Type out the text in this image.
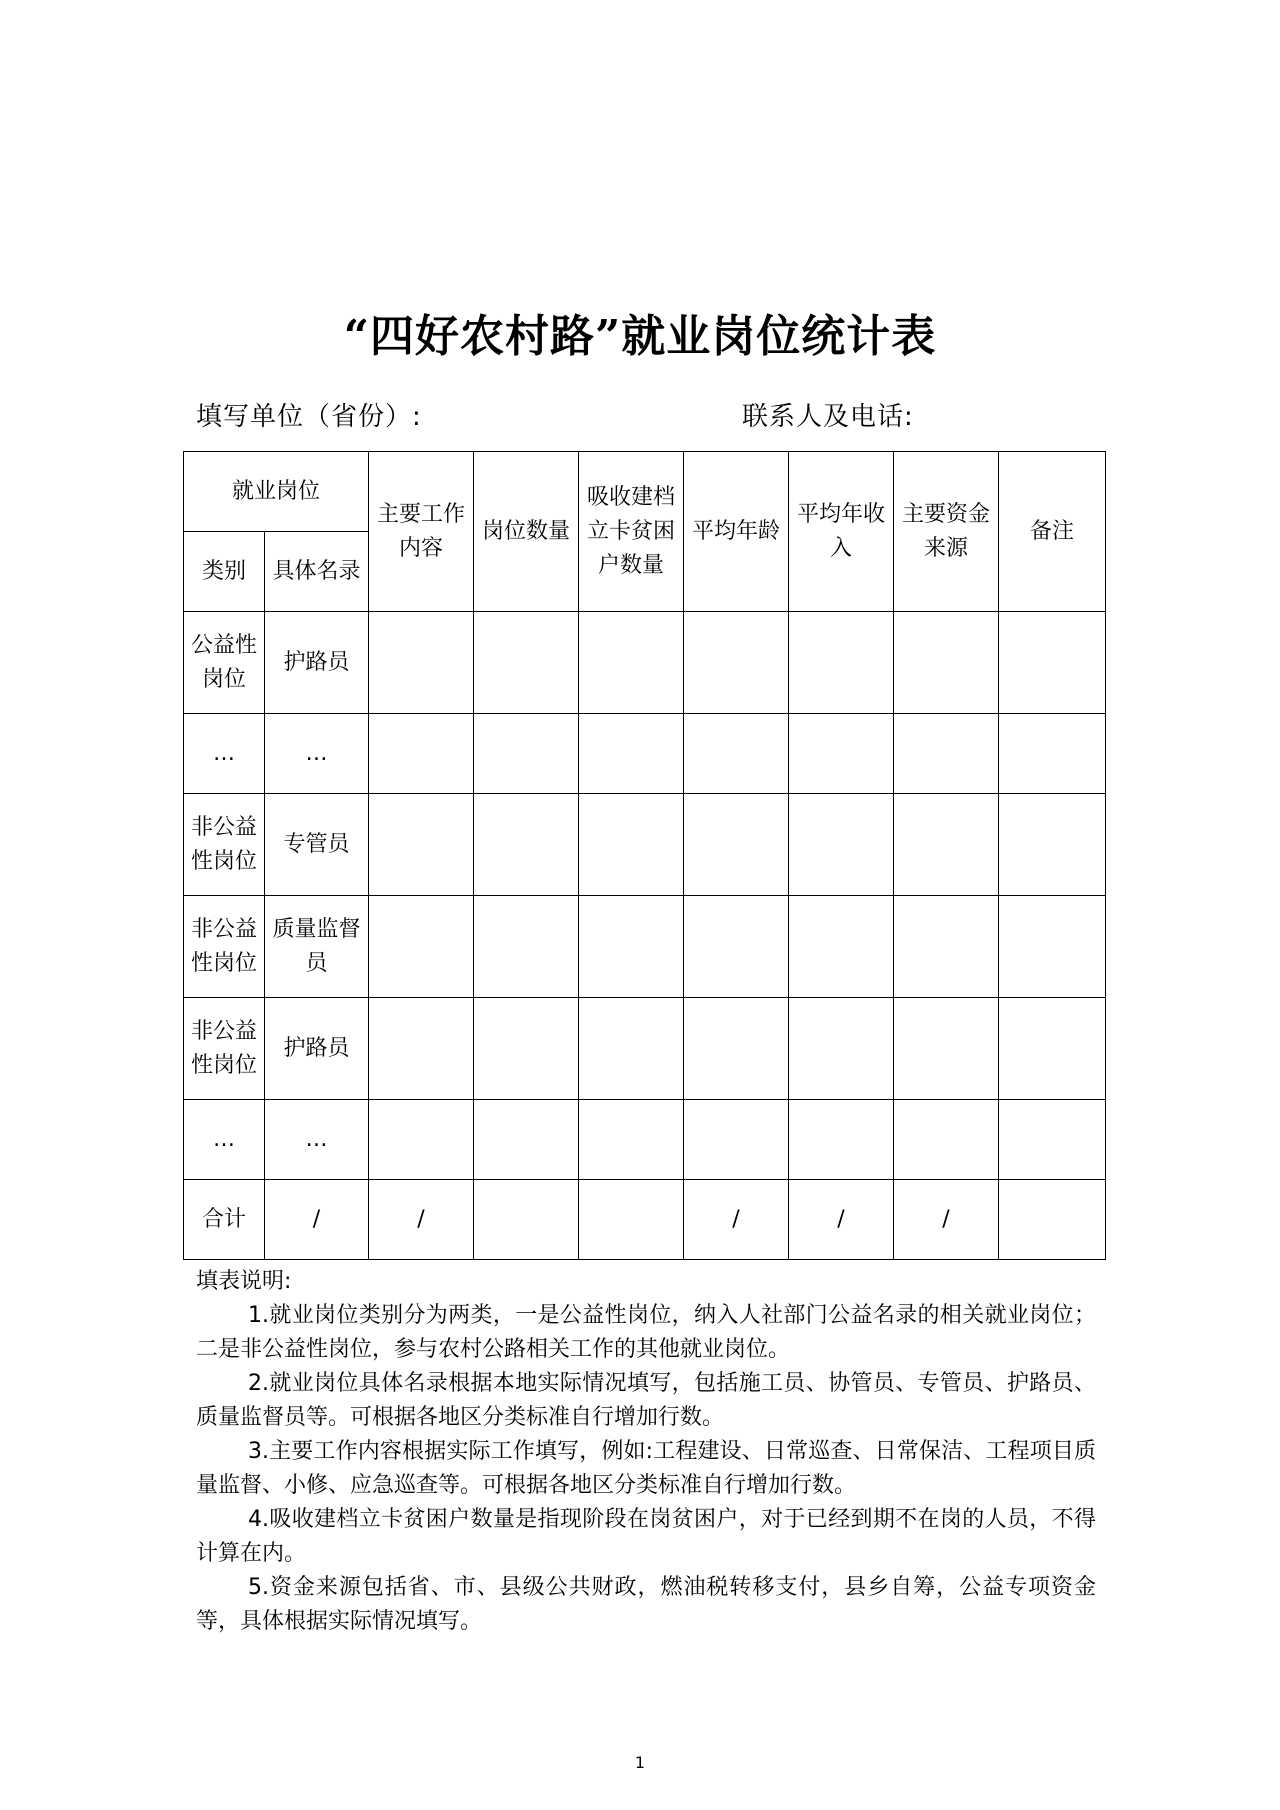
“四好农村路”就业岗位统计表
填写单位（省份）:	联系人及电话:
就业岗位		主要工作内容	岗位数量	吸收建档立卡贫困户数量	平均年龄	平均年收入	主要资金来源	备注
类别	具体名录							
公益性岗位	护路员							
…	…							
非公益性岗位	专管员							
非公益性岗位	质量监督员							
非公益性岗位	护路员							
…	…							
合计	/	/			/	/	/	

填表说明:

1.就业岗位类别分为两类，一是公益性岗位，纳入人社部门公益名录的相关就业岗位；二是非公益性岗位，参与农村公路相关工作的其他就业岗位。

2.就业岗位具体名录根据本地实际情况填写，包括施工员、协管员、专管员、护路员、质量监督员等。可根据各地区分类标准自行增加行数。

3.主要工作内容根据实际工作填写，例如:工程建设、日常巡查、日常保洁、工程项目质量监督、小修、应急巡查等。可根据各地区分类标准自行增加行数。

4.吸收建档立卡贫困户数量是指现阶段在岗贫困户，对于已经到期不在岗的人员，不得计算在内。

5.资金来源包括省、市、县级公共财政，燃油税转移支付，县乡自筹，公益专项资金等，具体根据实际情况填写。

1
